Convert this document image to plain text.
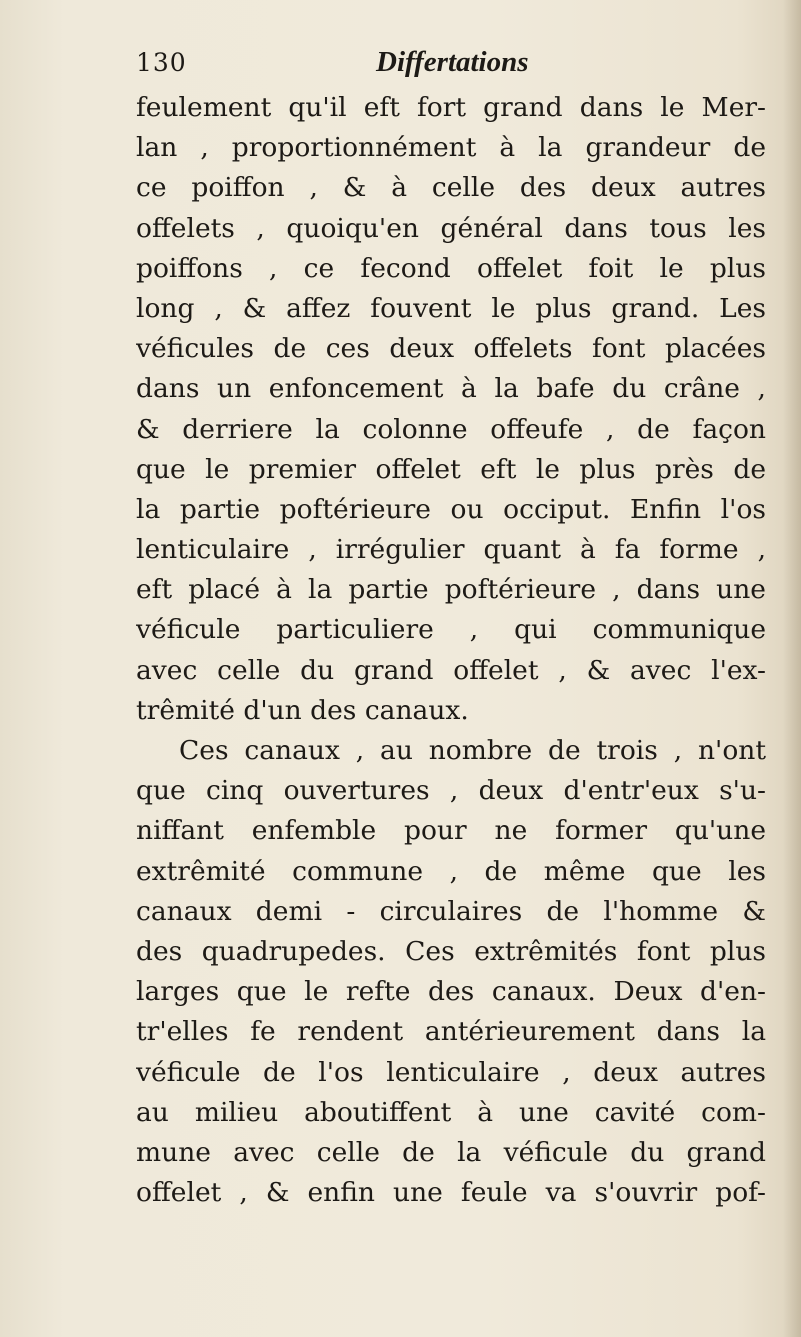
130	Differtations
feulement qu'il eft fort grand dans le Mer-
lan , proportionnément à la grandeur de
ce poiffon , & à celle des deux autres
offelets , quoiqu'en général dans tous les
poiffons , ce fecond offelet foit le plus
long , & affez fouvent le plus grand. Les
véficules de ces deux offelets font placées
dans un enfoncement à la bafe du crâne ,
& derriere la colonne offeufe , de façon
que le premier offelet eft le plus près de
la partie poftérieure ou occiput. Enfin l'os
lenticulaire , irrégulier quant à fa forme ,
eft placé à la partie poftérieure , dans une
véficule particuliere , qui communique
avec celle du grand offelet , & avec l'ex-
trêmité d'un des canaux.
Ces canaux , au nombre de trois , n'ont
que cinq ouvertures , deux d'entr'eux s'u-
niffant enfemble pour ne former qu'une
extrêmité commune , de même que les
canaux demi - circulaires de l'homme &
des quadrupedes. Ces extrêmités font plus
larges que le refte des canaux. Deux d'en-
tr'elles fe rendent antérieurement dans la
véficule de l'os lenticulaire , deux autres
au milieu aboutiffent à une cavité com-
mune avec celle de la véficule du grand
offelet , & enfin une feule va s'ouvrir pof-
